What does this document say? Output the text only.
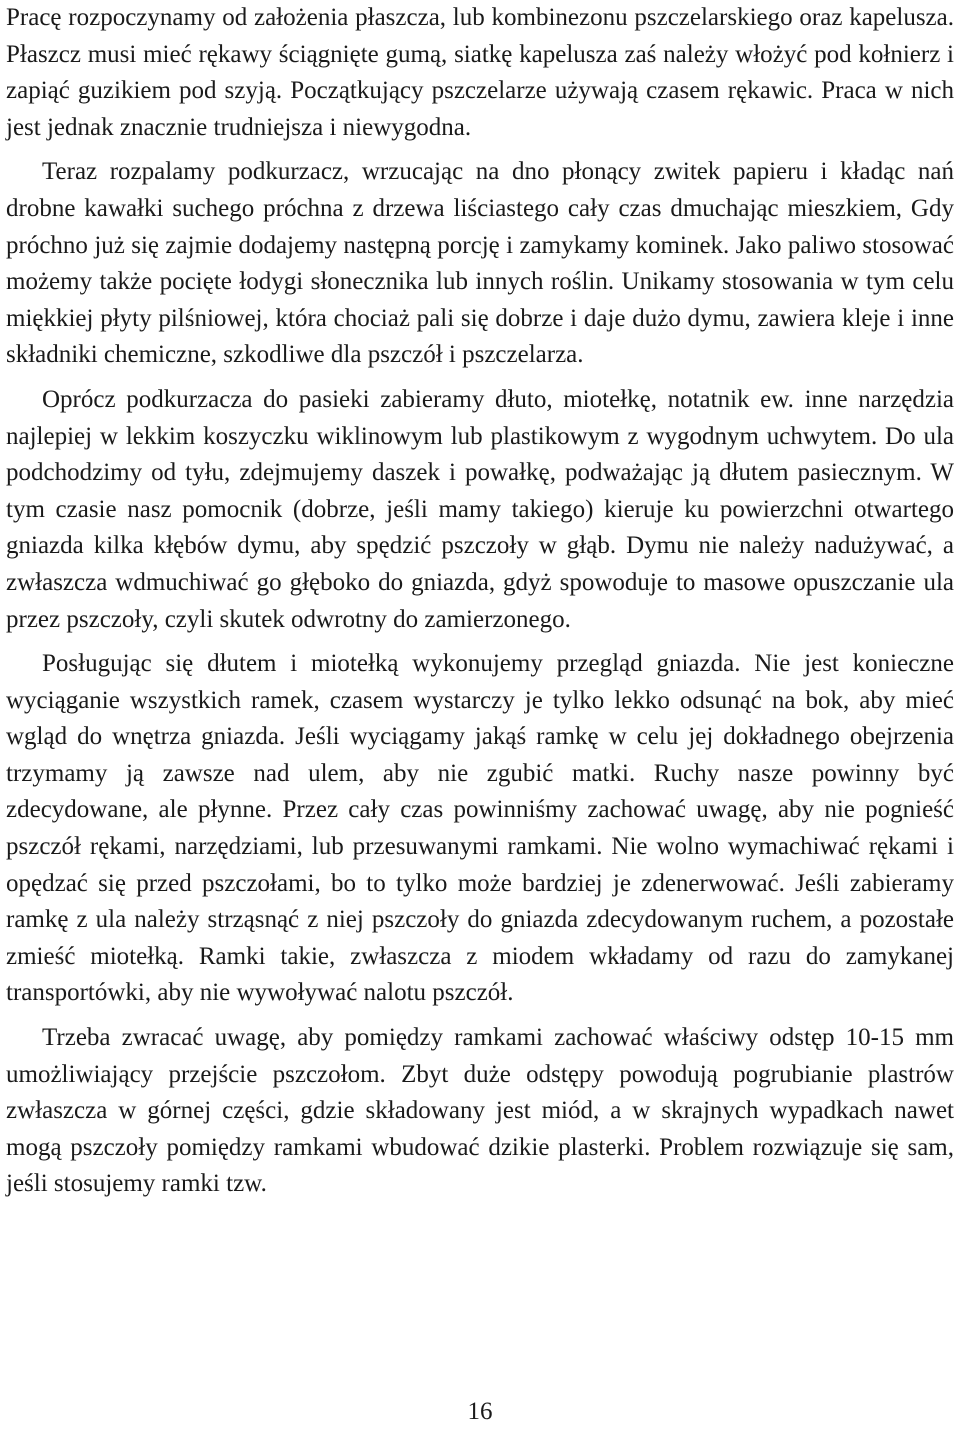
Pracę rozpoczynamy od założenia płaszcza, lub kombinezonu pszczelarskiego oraz kapelusza. Płaszcz musi mieć rękawy ściągnięte gumą, siatkę kapelusza zaś należy włożyć pod kołnierz i zapiąć guzikiem pod szyją. Początkujący pszczelarze używają czasem rękawic. Praca w nich jest jednak znacznie trudniejsza i niewygodna.

Teraz rozpalamy podkurzacz, wrzucając na dno płonący zwitek papieru i kładąc nań drobne kawałki suchego próchna z drzewa liściastego cały czas dmuchając mieszkiem, Gdy próchno już się zajmie dodajemy następną porcję i zamykamy kominek. Jako paliwo stosować możemy także pocięte łodygi słonecznika lub innych roślin. Unikamy stosowania w tym celu miękkiej płyty pilśniowej, która chociaż pali się dobrze i daje dużo dymu, zawiera kleje i inne składniki chemiczne, szkodliwe dla pszczół i pszczelarza.

Oprócz podkurzacza do pasieki zabieramy dłuto, miotełkę, notatnik ew. inne narzędzia najlepiej w lekkim koszyczku wiklinowym lub plastikowym z wygodnym uchwytem. Do ula podchodzimy od tyłu, zdejmujemy daszek i powałkę, podważając ją dłutem pasiecznym. W tym czasie nasz pomocnik (dobrze, jeśli mamy takiego) kieruje ku powierzchni otwartego gniazda kilka kłębów dymu, aby spędzić pszczoły w głąb. Dymu nie należy nadużywać, a zwłaszcza wdmuchiwać go głęboko do gniazda, gdyż spowoduje to masowe opuszczanie ula przez pszczoły, czyli skutek odwrotny do zamierzonego.

Posługując się dłutem i miotełką wykonujemy przegląd gniazda. Nie jest konieczne wyciąganie wszystkich ramek, czasem wystarczy je tylko lekko odsunąć na bok, aby mieć wgląd do wnętrza gniazda. Jeśli wyciągamy jakąś ramkę w celu jej dokładnego obejrzenia trzymamy ją zawsze nad ulem, aby nie zgubić matki. Ruchy nasze powinny być zdecydowane, ale płynne. Przez cały czas powinniśmy zachować uwagę, aby nie pognieść pszczół rękami, narzędziami, lub przesuwanymi ramkami. Nie wolno wymachiwać rękami i opędzać się przed pszczołami, bo to tylko może bardziej je zdenerwować. Jeśli zabieramy ramkę z ula należy strząsnąć z niej pszczoły do gniazda zdecydowanym ruchem, a pozostałe zmieść miotełką. Ramki takie, zwłaszcza z miodem wkładamy od razu do zamykanej transportówki, aby nie wywoływać nalotu pszczół.

Trzeba zwracać uwagę, aby pomiędzy ramkami zachować właściwy odstęp 10-15 mm umożliwiający przejście pszczołom. Zbyt duże odstępy powodują pogrubianie plastrów zwłaszcza w górnej części, gdzie składowany jest miód, a w skrajnych wypadkach nawet mogą pszczoły pomiędzy ramkami wbudować dzikie plasterki. Problem rozwiązuje się sam, jeśli stosujemy ramki tzw.

16
